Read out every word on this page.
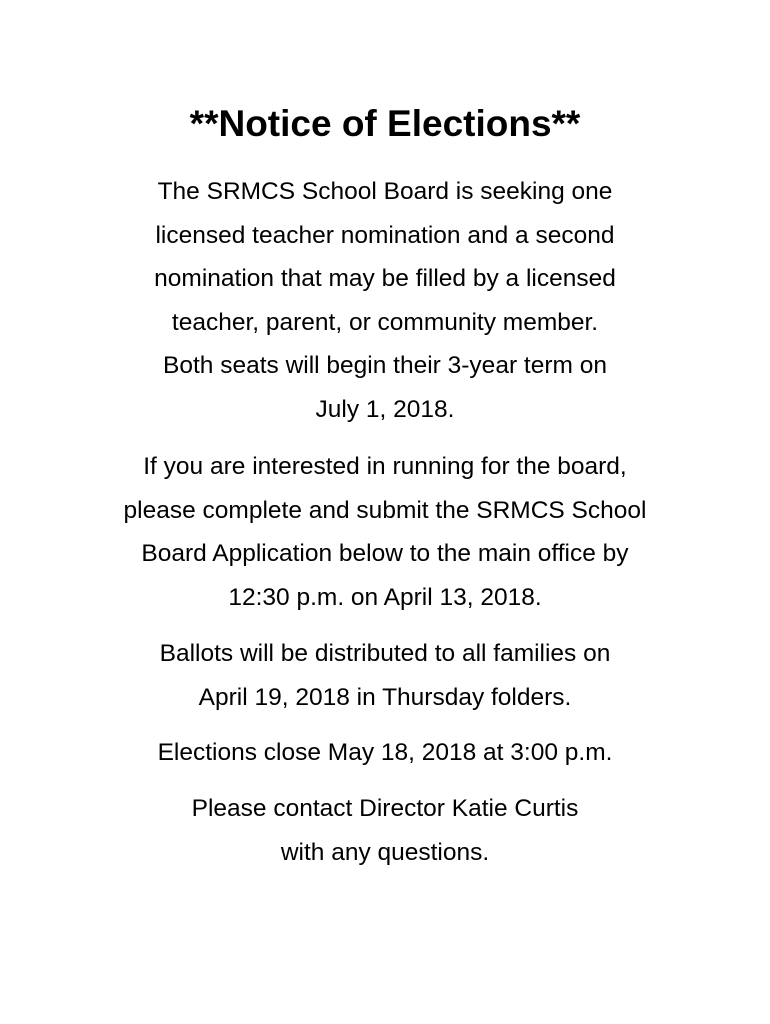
**Notice of Elections**
The SRMCS School Board is seeking one
licensed teacher nomination and a second
nomination that may be filled by a licensed
teacher, parent, or community member.
Both seats will begin their 3-year term on
July 1, 2018.
If you are interested in running for the board,
please complete and submit the SRMCS School
Board Application below to the main office by
12:30 p.m. on April 13, 2018.
Ballots will be distributed to all families on
April 19, 2018 in Thursday folders.
Elections close May 18, 2018 at 3:00 p.m.
Please contact Director Katie Curtis
with any questions.
